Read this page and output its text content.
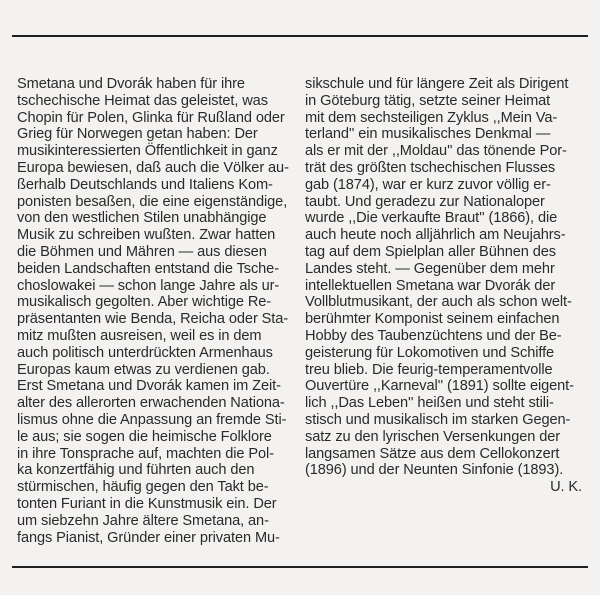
Smetana und Dvorák haben für ihre
tschechische Heimat das geleistet, was
Chopin für Polen, Glinka für Rußland oder
Grieg für Norwegen getan haben: Der
musikinteressierten Öffentlichkeit in ganz
Europa bewiesen, daß auch die Völker au-
ßerhalb Deutschlands und Italiens Kom-
ponisten besaßen, die eine eigenständige,
von den westlichen Stilen unabhängige
Musik zu schreiben wußten. Zwar hatten
die Böhmen und Mähren — aus diesen
beiden Landschaften entstand die Tsche-
choslowakei — schon lange Jahre als ur-
musikalisch gegolten. Aber wichtige Re-
präsentanten wie Benda, Reicha oder Sta-
mitz mußten ausreisen, weil es in dem
auch politisch unterdrückten Armenhaus
Europas kaum etwas zu verdienen gab.
Erst Smetana und Dvorák kamen im Zeit-
alter des allerorten erwachenden Nationa-
lismus ohne die Anpassung an fremde Sti-
le aus; sie sogen die heimische Folklore
in ihre Tonsprache auf, machten die Pol-
ka konzertfähig und führten auch den
stürmischen, häufig gegen den Takt be-
tonten Furiant in die Kunstmusik ein. Der
um siebzehn Jahre ältere Smetana, an-
fangs Pianist, Gründer einer privaten Mu-
sikschule und für längere Zeit als Dirigent
in Göteburg tätig, setzte seiner Heimat
mit dem sechsteiligen Zyklus ,,Mein Va-
terland'' ein musikalisches Denkmal —
als er mit der ,,Moldau'' das tönende Por-
trät des größten tschechischen Flusses
gab (1874), war er kurz zuvor völlig er-
taubt. Und geradezu zur Nationaloper
wurde ,,Die verkaufte Braut'' (1866), die
auch heute noch alljährlich am Neujahrs-
tag auf dem Spielplan aller Bühnen des
Landes steht. — Gegenüber dem mehr
intellektuellen Smetana war Dvorák der
Vollblutmusikant, der auch als schon welt-
berühmter Komponist seinem einfachen
Hobby des Taubenzüchtens und der Be-
geisterung für Lokomotiven und Schiffe
treu blieb. Die feurig-temperamentvolle
Ouvertüre ,,Karneval'' (1891) sollte eigent-
lich ,,Das Leben'' heißen und steht stili-
stisch und musikalisch im starken Gegen-
satz zu den lyrischen Versenkungen der
langsamen Sätze aus dem Cellokonzert
(1896) und der Neunten Sinfonie (1893).
U. K.
